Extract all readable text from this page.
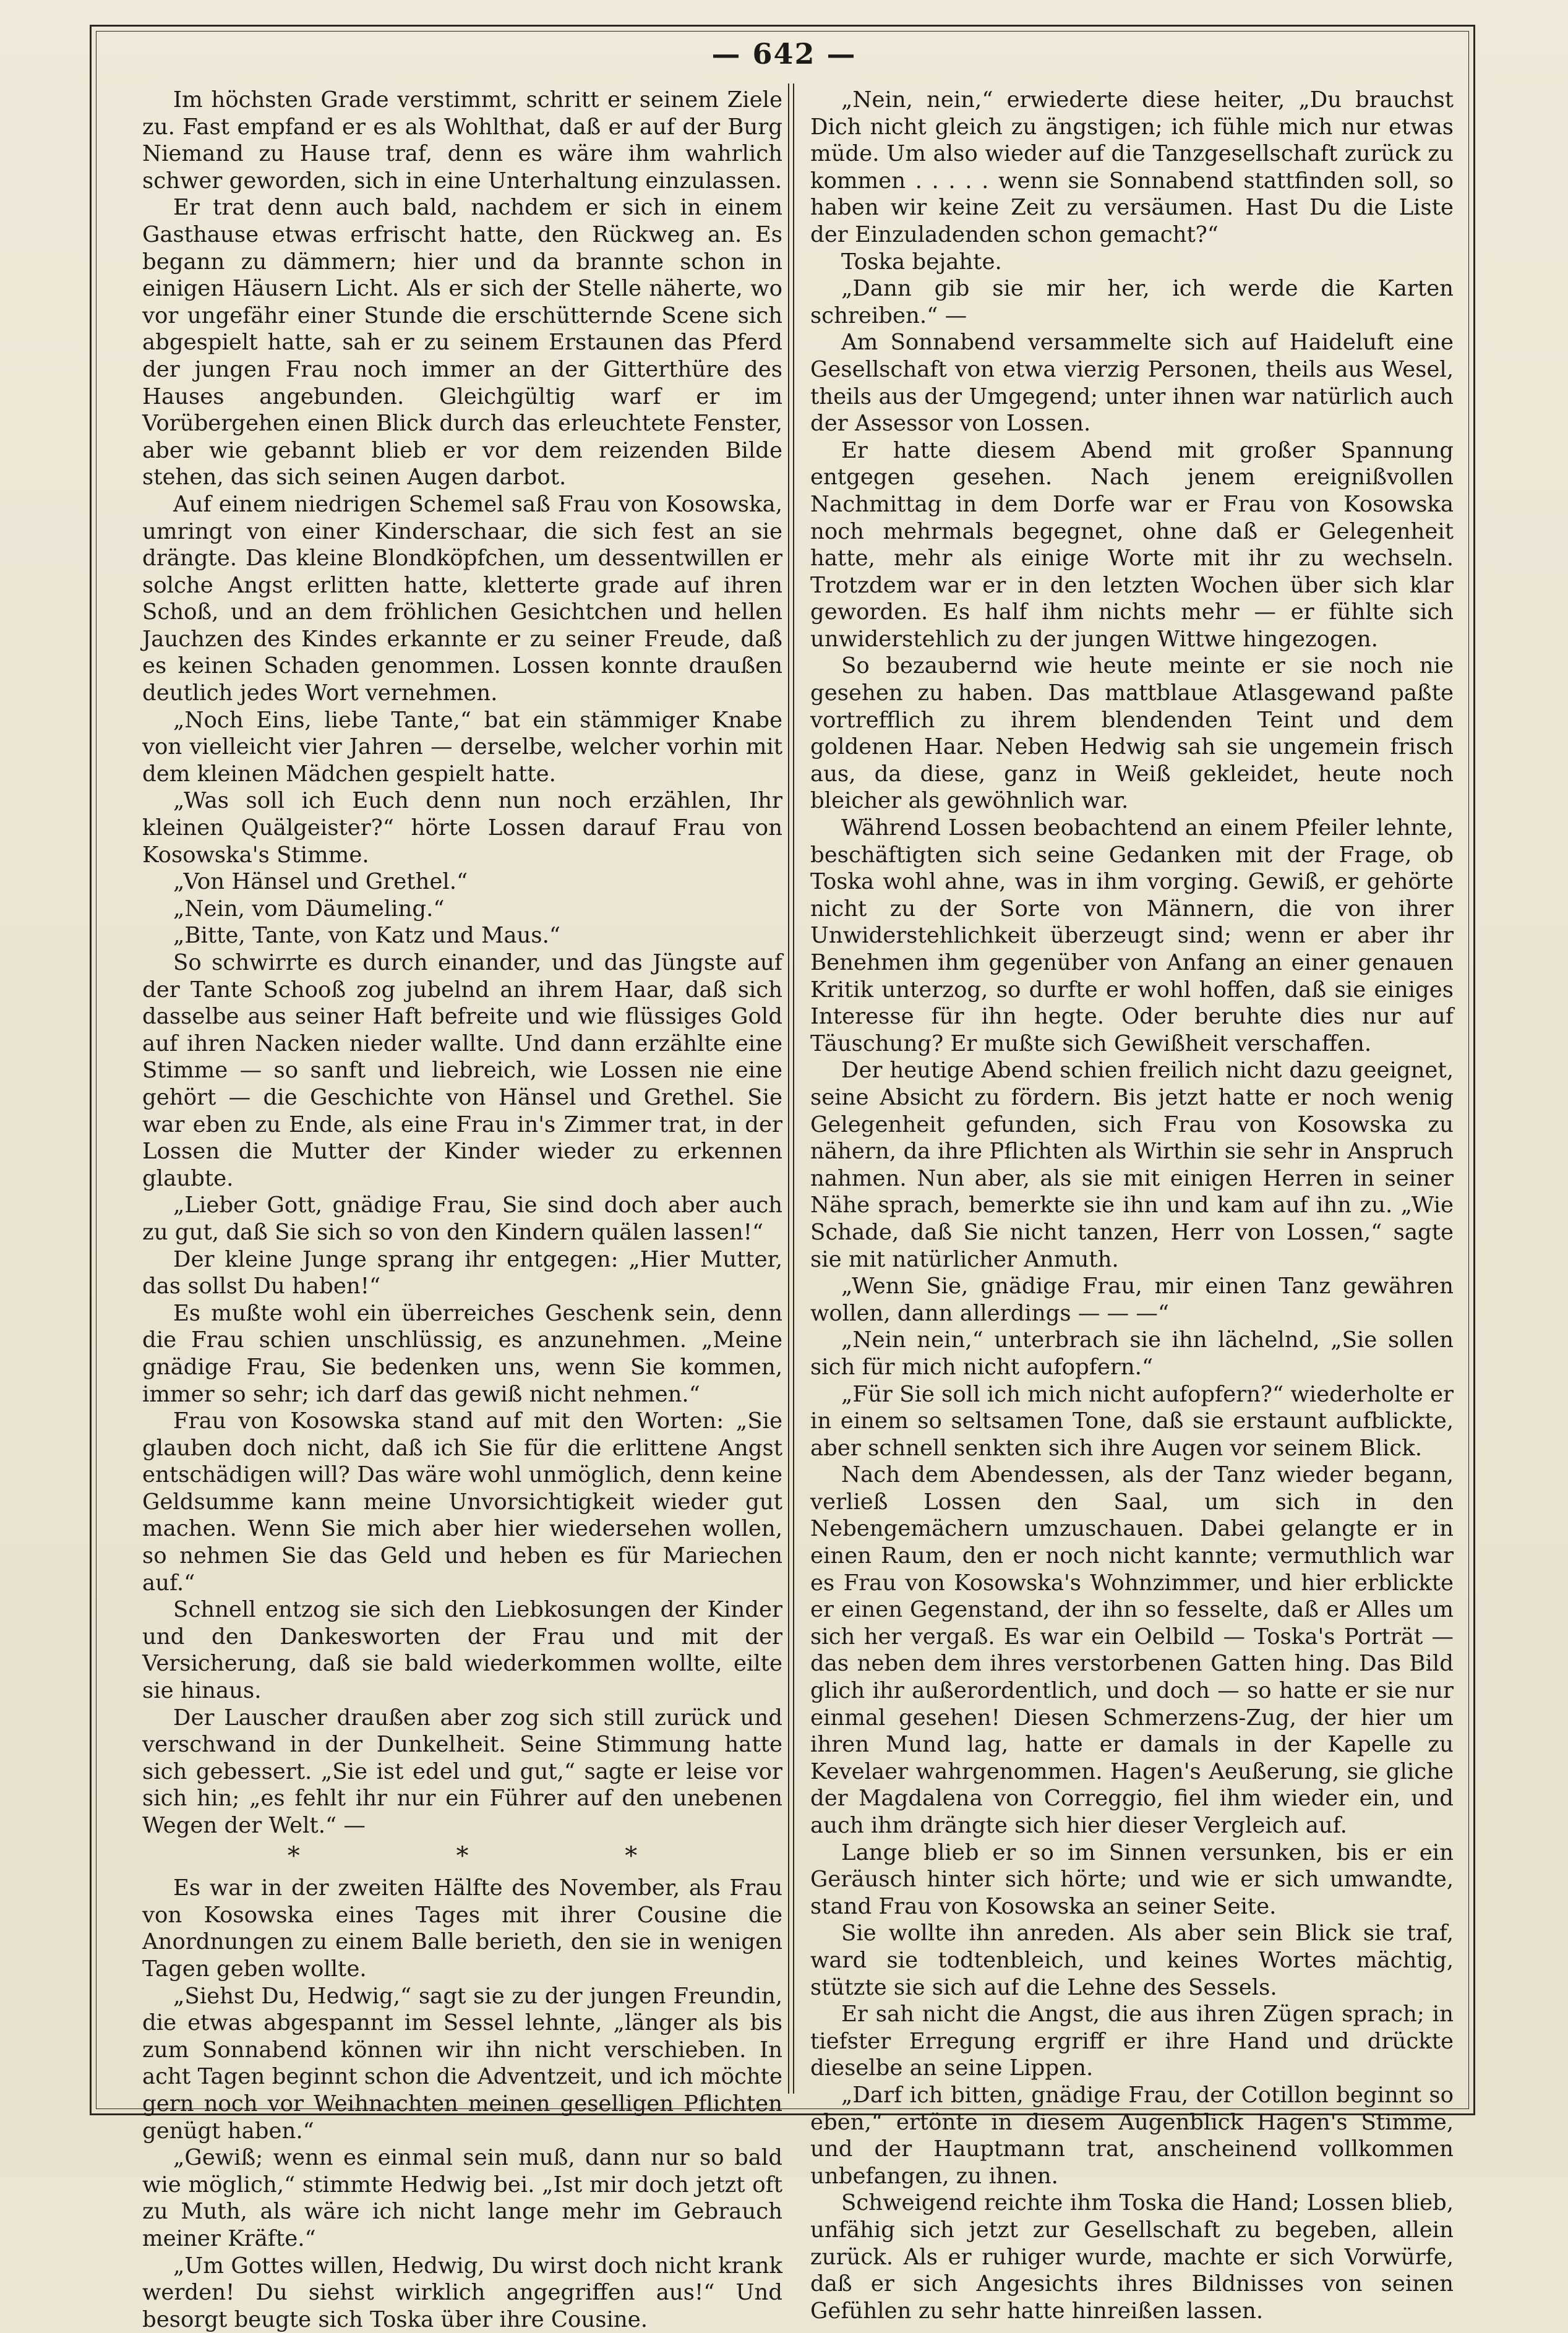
— 642 —

Im höchsten Grade verstimmt, schritt er seinem Ziele zu. Fast empfand er es als Wohlthat, daß er auf der Burg Niemand zu Hause traf, denn es wäre ihm wahrlich schwer geworden, sich in eine Unterhaltung einzulassen.

Er trat denn auch bald, nachdem er sich in einem Gasthause etwas erfrischt hatte, den Rückweg an. Es begann zu dämmern; hier und da brannte schon in einigen Häusern Licht. Als er sich der Stelle näherte, wo vor ungefähr einer Stunde die erschütternde Scene sich abgespielt hatte, sah er zu seinem Erstaunen das Pferd der jungen Frau noch immer an der Gitterthüre des Hauses angebunden. Gleichgültig warf er im Vorübergehen einen Blick durch das erleuchtete Fenster, aber wie gebannt blieb er vor dem reizenden Bilde stehen, das sich seinen Augen darbot.

Auf einem niedrigen Schemel saß Frau von Kosowska, umringt von einer Kinderschaar, die sich fest an sie drängte. Das kleine Blondköpfchen, um dessentwillen er solche Angst erlitten hatte, kletterte grade auf ihren Schoß, und an dem fröhlichen Gesichtchen und hellen Jauchzen des Kindes erkannte er zu seiner Freude, daß es keinen Schaden genommen. Lossen konnte draußen deutlich jedes Wort vernehmen.

„Noch Eins, liebe Tante,“ bat ein stämmiger Knabe von vielleicht vier Jahren — derselbe, welcher vorhin mit dem kleinen Mädchen gespielt hatte.

„Was soll ich Euch denn nun noch erzählen, Ihr kleinen Quälgeister?“ hörte Lossen darauf Frau von Kosowska's Stimme.

„Von Hänsel und Grethel.“

„Nein, vom Däumeling.“

„Bitte, Tante, von Katz und Maus.“

So schwirrte es durch einander, und das Jüngste auf der Tante Schooß zog jubelnd an ihrem Haar, daß sich dasselbe aus seiner Haft befreite und wie flüssiges Gold auf ihren Nacken nieder wallte. Und dann erzählte eine Stimme — so sanft und liebreich, wie Lossen nie eine gehört — die Geschichte von Hänsel und Grethel. Sie war eben zu Ende, als eine Frau in's Zimmer trat, in der Lossen die Mutter der Kinder wieder zu erkennen glaubte.

„Lieber Gott, gnädige Frau, Sie sind doch aber auch zu gut, daß Sie sich so von den Kindern quälen lassen!“

Der kleine Junge sprang ihr entgegen: „Hier Mutter, das sollst Du haben!“

Es mußte wohl ein überreiches Geschenk sein, denn die Frau schien unschlüssig, es anzunehmen. „Meine gnädige Frau, Sie bedenken uns, wenn Sie kommen, immer so sehr; ich darf das gewiß nicht nehmen.“

Frau von Kosowska stand auf mit den Worten: „Sie glauben doch nicht, daß ich Sie für die erlittene Angst entschädigen will? Das wäre wohl unmöglich, denn keine Geldsumme kann meine Unvorsichtigkeit wieder gut machen. Wenn Sie mich aber hier wiedersehen wollen, so nehmen Sie das Geld und heben es für Mariechen auf.“

Schnell entzog sie sich den Liebkosungen der Kinder und den Dankesworten der Frau und mit der Versicherung, daß sie bald wiederkommen wollte, eilte sie hinaus.

Der Lauscher draußen aber zog sich still zurück und verschwand in der Dunkelheit. Seine Stimmung hatte sich gebessert. „Sie ist edel und gut,“ sagte er leise vor sich hin; „es fehlt ihr nur ein Führer auf den unebenen Wegen der Welt.“ —

* * *

Es war in der zweiten Hälfte des November, als Frau von Kosowska eines Tages mit ihrer Cousine die Anordnungen zu einem Balle berieth, den sie in wenigen Tagen geben wollte.

„Siehst Du, Hedwig,“ sagt sie zu der jungen Freundin, die etwas abgespannt im Sessel lehnte, „länger als bis zum Sonnabend können wir ihn nicht verschieben. In acht Tagen beginnt schon die Adventzeit, und ich möchte gern noch vor Weihnachten meinen geselligen Pflichten genügt haben.“

„Gewiß; wenn es einmal sein muß, dann nur so bald wie möglich,“ stimmte Hedwig bei. „Ist mir doch jetzt oft zu Muth, als wäre ich nicht lange mehr im Gebrauch meiner Kräfte.“

„Um Gottes willen, Hedwig, Du wirst doch nicht krank werden! Du siehst wirklich angegriffen aus!“ Und besorgt beugte sich Toska über ihre Cousine.

„Nein, nein,“ erwiederte diese heiter, „Du brauchst Dich nicht gleich zu ängstigen; ich fühle mich nur etwas müde. Um also wieder auf die Tanzgesellschaft zurück zu kommen . . . . . wenn sie Sonnabend stattfinden soll, so haben wir keine Zeit zu versäumen. Hast Du die Liste der Einzuladenden schon gemacht?“

Toska bejahte.

„Dann gib sie mir her, ich werde die Karten schreiben.“ —

Am Sonnabend versammelte sich auf Haideluft eine Gesellschaft von etwa vierzig Personen, theils aus Wesel, theils aus der Umgegend; unter ihnen war natürlich auch der Assessor von Lossen.

Er hatte diesem Abend mit großer Spannung entgegen gesehen. Nach jenem ereignißvollen Nachmittag in dem Dorfe war er Frau von Kosowska noch mehrmals begegnet, ohne daß er Gelegenheit hatte, mehr als einige Worte mit ihr zu wechseln. Trotzdem war er in den letzten Wochen über sich klar geworden. Es half ihm nichts mehr — er fühlte sich unwiderstehlich zu der jungen Wittwe hingezogen.

So bezaubernd wie heute meinte er sie noch nie gesehen zu haben. Das mattblaue Atlasgewand paßte vortrefflich zu ihrem blendenden Teint und dem goldenen Haar. Neben Hedwig sah sie ungemein frisch aus, da diese, ganz in Weiß gekleidet, heute noch bleicher als gewöhnlich war.

Während Lossen beobachtend an einem Pfeiler lehnte, beschäftigten sich seine Gedanken mit der Frage, ob Toska wohl ahne, was in ihm vorging. Gewiß, er gehörte nicht zu der Sorte von Männern, die von ihrer Unwiderstehlichkeit überzeugt sind; wenn er aber ihr Benehmen ihm gegenüber von Anfang an einer genauen Kritik unterzog, so durfte er wohl hoffen, daß sie einiges Interesse für ihn hegte. Oder beruhte dies nur auf Täuschung? Er mußte sich Gewißheit verschaffen.

Der heutige Abend schien freilich nicht dazu geeignet, seine Absicht zu fördern. Bis jetzt hatte er noch wenig Gelegenheit gefunden, sich Frau von Kosowska zu nähern, da ihre Pflichten als Wirthin sie sehr in Anspruch nahmen. Nun aber, als sie mit einigen Herren in seiner Nähe sprach, bemerkte sie ihn und kam auf ihn zu. „Wie Schade, daß Sie nicht tanzen, Herr von Lossen,“ sagte sie mit natürlicher Anmuth.

„Wenn Sie, gnädige Frau, mir einen Tanz gewähren wollen, dann allerdings — — —“

„Nein nein,“ unterbrach sie ihn lächelnd, „Sie sollen sich für mich nicht aufopfern.“

„Für Sie soll ich mich nicht aufopfern?“ wiederholte er in einem so seltsamen Tone, daß sie erstaunt aufblickte, aber schnell senkten sich ihre Augen vor seinem Blick.

Nach dem Abendessen, als der Tanz wieder begann, verließ Lossen den Saal, um sich in den Nebengemächern umzuschauen. Dabei gelangte er in einen Raum, den er noch nicht kannte; vermuthlich war es Frau von Kosowska's Wohnzimmer, und hier erblickte er einen Gegenstand, der ihn so fesselte, daß er Alles um sich her vergaß. Es war ein Oelbild — Toska's Porträt — das neben dem ihres verstorbenen Gatten hing. Das Bild glich ihr außerordentlich, und doch — so hatte er sie nur einmal gesehen! Diesen Schmerzens-Zug, der hier um ihren Mund lag, hatte er damals in der Kapelle zu Kevelaer wahrgenommen. Hagen's Aeußerung, sie gliche der Magdalena von Correggio, fiel ihm wieder ein, und auch ihm drängte sich hier dieser Vergleich auf.

Lange blieb er so im Sinnen versunken, bis er ein Geräusch hinter sich hörte; und wie er sich umwandte, stand Frau von Kosowska an seiner Seite.

Sie wollte ihn anreden. Als aber sein Blick sie traf, ward sie todtenbleich, und keines Wortes mächtig, stützte sie sich auf die Lehne des Sessels.

Er sah nicht die Angst, die aus ihren Zügen sprach; in tiefster Erregung ergriff er ihre Hand und drückte dieselbe an seine Lippen.

„Darf ich bitten, gnädige Frau, der Cotillon beginnt so eben,“ ertönte in diesem Augenblick Hagen's Stimme, und der Hauptmann trat, anscheinend vollkommen unbefangen, zu ihnen.

Schweigend reichte ihm Toska die Hand; Lossen blieb, unfähig sich jetzt zur Gesellschaft zu begeben, allein zurück. Als er ruhiger wurde, machte er sich Vorwürfe, daß er sich Angesichts ihres Bildnisses von seinen Gefühlen zu sehr hatte hinreißen lassen.
